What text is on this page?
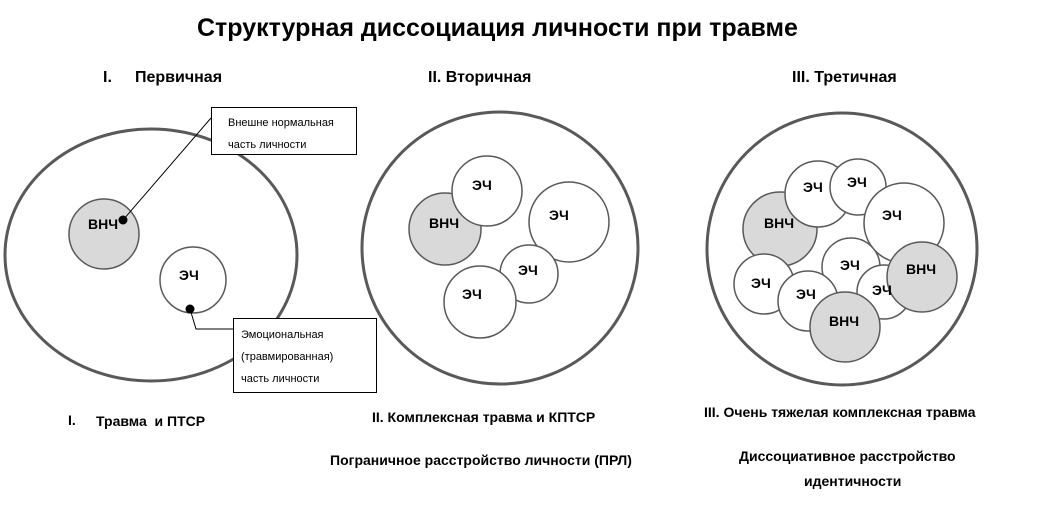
Структурная диссоциация личности при травме
I. Первичная	II. Вторичная	III. Третичная
ВНЧ
ЭЧ
ВНЧ
ЭЧ
ЭЧ
ЭЧ
ЭЧ
ВНЧ
ЭЧ ЭЧ
ЭЧ
ЭЧ
ЭЧ
ЭЧ	ЭЧ
ВНЧ
ВНЧ
Внешне нормальная
часть личности
Эмоциональная
(травмированная)
часть личности
I. Травма  и ПТСР	II. Комплексная травма и КПТСР
Пограничное расстройство личности (ПРЛ)
III. Очень тяжелая комплексная травма
Диссоциативное расстройство
идентичности
